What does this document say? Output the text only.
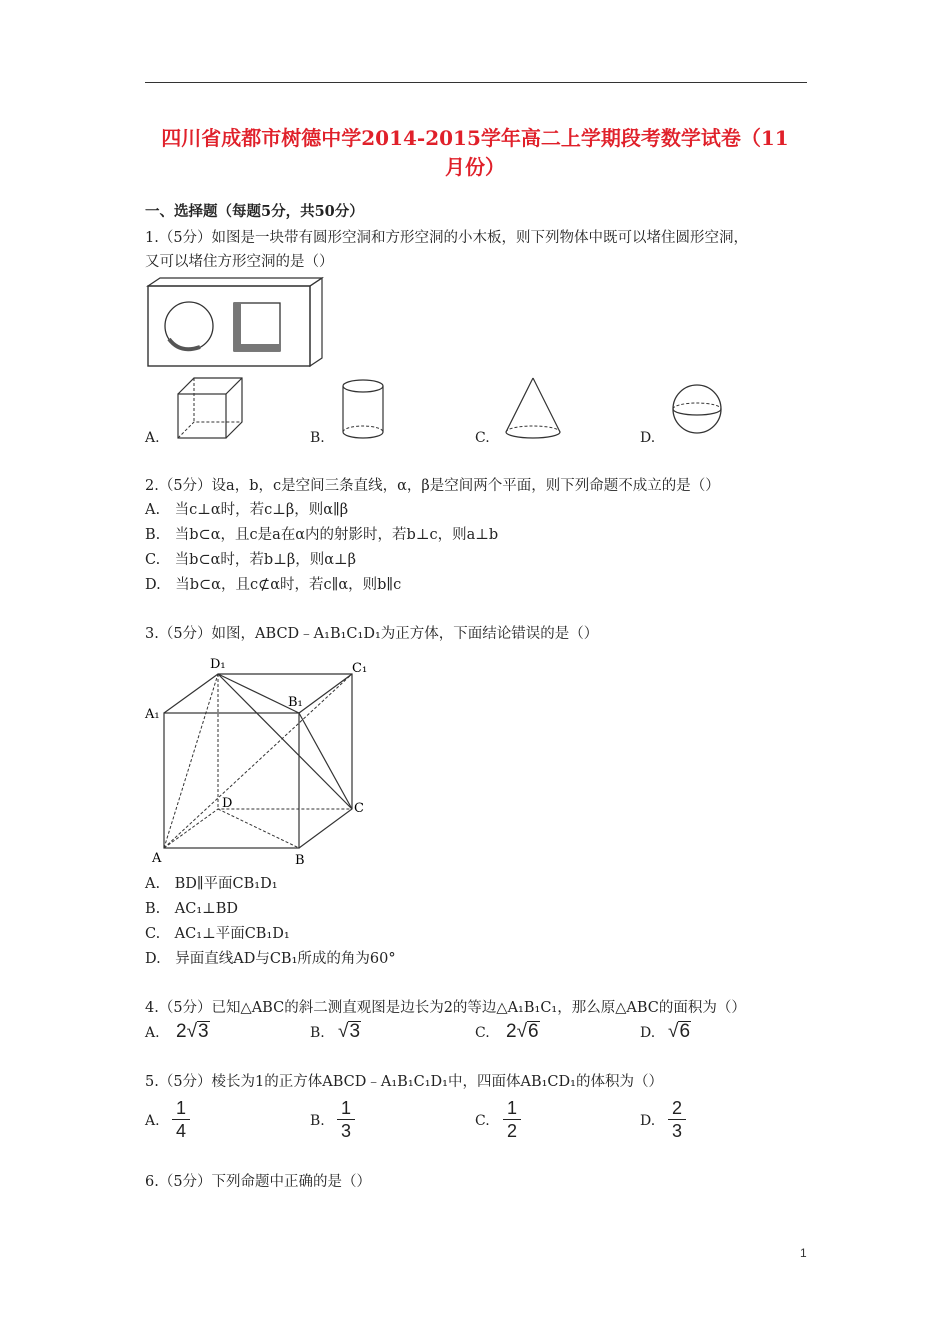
四川省成都市树德中学2014-2015学年高二上学期段考数学试卷（11
月份）
一、选择题（每题5分，共50分）
1.（5分）如图是一块带有圆形空洞和方形空洞的小木板，则下列物体中既可以堵住圆形空洞，
又可以堵住方形空洞的是（）
A.	B.	C.	D.
2.（5分）设a，b，c是空间三条直线，α，β是空间两个平面，则下列命题不成立的是（）
A.　当c⊥α时，若c⊥β，则α∥β
B.　当b⊂α，且c是a在α内的射影时，若b⊥c，则a⊥b
C.　当b⊂α时，若b⊥β，则α⊥β
D.　当b⊂α，且c⊄α时，若c∥α，则b∥c
3.（5分）如图，ABCD﹣A₁B₁C₁D₁为正方体，下面结论错误的是（）
D₁	C₁
A₁
B₁
D	C
A	B
A.　BD∥平面CB₁D₁
B.　AC₁⊥BD
C.　AC₁⊥平面CB₁D₁
D.　异面直线AD与CB₁所成的角为60°
4.（5分）已知△ABC的斜二测直观图是边长为2的等边△A₁B₁C₁，那么原△ABC的面积为（）
A. 2√3	B. √3	C. 2√6	D. √6
5.（5分）棱长为1的正方体ABCD﹣A₁B₁C₁D₁中，四面体AB₁CD₁的体积为（）
A.
1
4	B.
1
3	C.
1
2	D.
2
3
6.（5分）下列命题中正确的是（）
1
